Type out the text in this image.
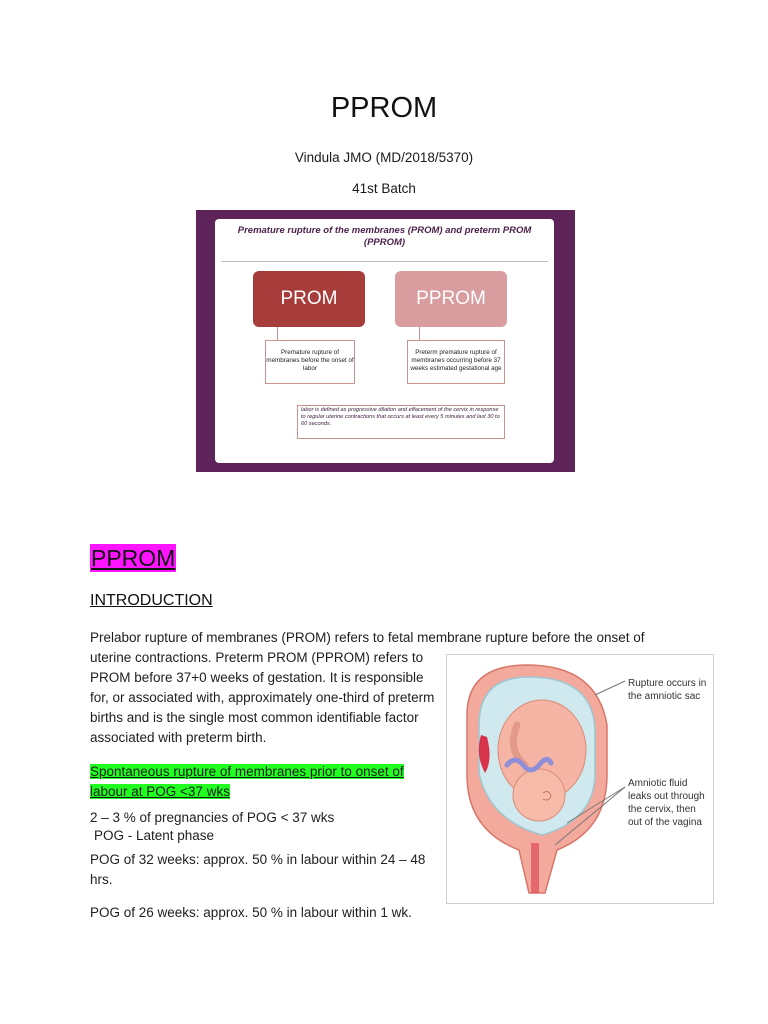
PPROM
Vindula JMO (MD/2018/5370)
41st Batch
Premature rupture of the membranes (PROM) and preterm PROM
(PPROM)
PROM	PPROM
Premature rupture of membranes before the onset of labor
Preterm premature rupture of membranes occurring before 37 weeks estimated gestational age
labor is defined as progressive dilation and effacement of the cervix in response to regular uterine contractions that occurs at least every 5 minutes and last 30 to 60 seconds.
PPROM
INTRODUCTION
Prelabor rupture of membranes (PROM) refers to fetal membrane rupture before the onset of
uterine contractions. Preterm PROM (PPROM) refers to
PROM before 37+0 weeks of gestation. It is responsible
for, or associated with, approximately one-third of preterm
births and is the single most common identifiable factor
associated with preterm birth.
Spontaneous rupture of membranes prior to onset of labour at POG <37 wks
2 – 3 % of pregnancies of POG < 37 wks
POG - Latent phase
POG of 32 weeks: approx. 50 % in labour within 24 – 48 hrs.
POG of 26 weeks: approx. 50 % in labour within 1 wk.
Rupture occurs in the amniotic sac
Amniotic fluid leaks out through the cervix, then out of the vagina
